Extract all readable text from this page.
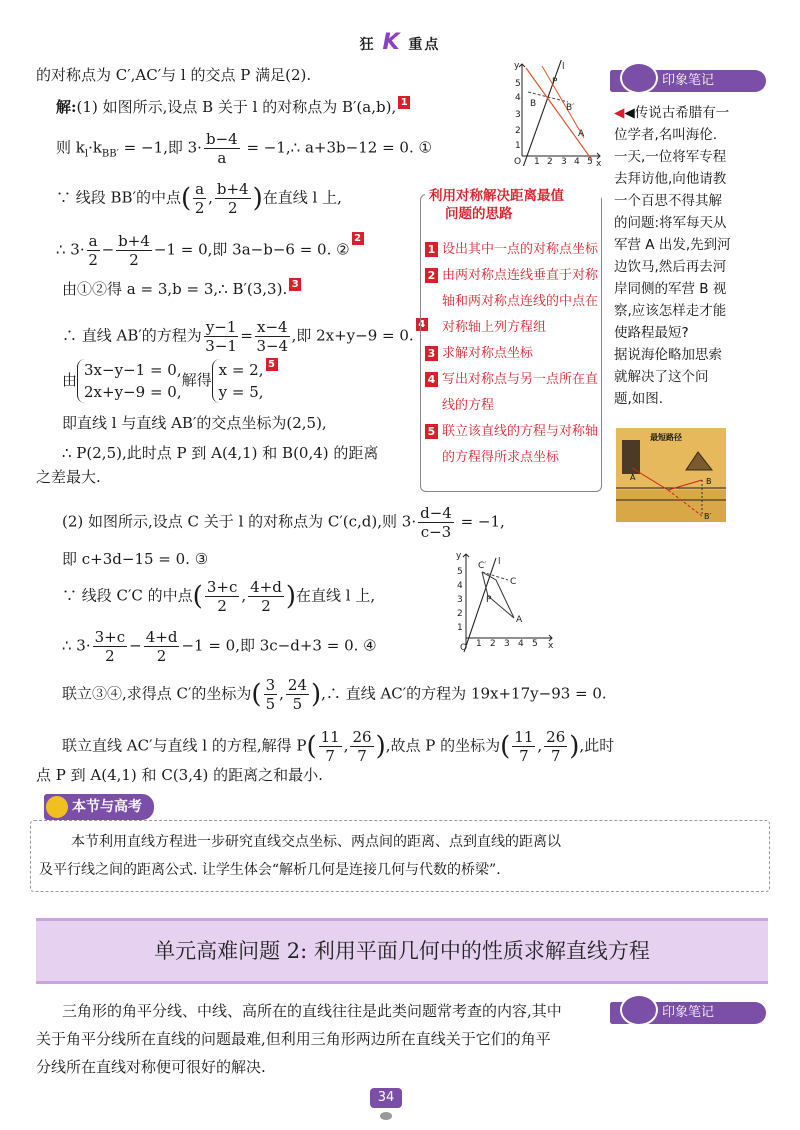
狂 K 重点
的对称点为 C′,AC′与 l 的交点 P 满足(2).
解:(1) 如图所示,设点 B 关于 l 的对称点为 B′(a,b), 1
则 $k_l\cdot k_{BB'} = -1$,即 $3\cdot \frac{b-4}{a}$ = −1,∴ a+3b−12 = 0. ①
∵ 线段 BB′的中点( $\frac{a}{2}$ , $\frac{b+4}{2}$ )在直线 l 上,
∴ $3\cdot \frac{a}{2} - \frac{b+4}{2} -1 = 0$,即 3a−b−6 = 0. ②2
由①②得 a = 3,b = 3,∴ B′(3,3). 3
∴ 直线 AB′的方程为 $\frac{y-1}{3-1} = \frac{x-4}{3-4}$ ,即 2x+y−9 = 0.4
由
3x−y−1 = 0,
2x+y−9 = 0,
解得
x = 2,
y = 5,
5
即直线 l 与直线 AB′的交点坐标为(2,5),
∴ P(2,5),此时点 P 到 A(4,1) 和 B(0,4) 的距离
之差最大.
(2) 如图所示,设点 C 关于 l 的对称点为 C′(c,d),则 $3\cdot \frac{d-4}{c-3} = -1$,
即 c+3d−15 = 0. ③
∵ 线段 C′C 的中点( $\frac{3+c}{2}$ , $\frac{4+d}{2}$ )在直线 l 上,
∴ $3\cdot \frac{3+c}{2} - \frac{4+d}{2} -1 = 0$,即 3c−d+3 = 0. ④
联立③④,求得点 C′的坐标为( $\frac{3}{5}$ , $\frac{24}{5}$ ),∴ 直线 AC′的方程为 19x+17y−93 = 0.
联立直线 AC′与直线 l 的方程,解得 $P( \frac{11}{7}$ , $\frac{26}{7}$ ),故点 P 的坐标为( $\frac{11}{7}$ , $\frac{26}{7}$ ),此时
点 P 到 A(4,1) 和 C(3,4) 的距离之和最小.
y
x
O
l
P
B	B′
A
5
4
3
2
1
1 2 3 4 5
y
x
O
l
P
C
C′
A
5
4
3
2
1
1 2 3 4 5
利用对称解决距离最值
问题的思路
1 设出其中一点的对称点坐标
2 由两对称点连线垂直于对称
轴和两对称点连线的中点在
对称轴上列方程组
3 求解对称点坐标
4 写出对称点与另一点所在直
线的方程
5 联立该直线的方程与对称轴
的方程得所求点坐标
印象笔记
◀◀传说古希腊有一
位学者,名叫海伦.
一天,一位将军专程
去拜访他,向他请教
一个百思不得其解
的问题:将军每天从
军营 A 出发,先到河
边饮马,然后再去河
岸同侧的军营 B 视
察,应该怎样走才能
使路程最短?
据说海伦略加思索
就解决了这个问
题,如图.
最短路径
A	B
B′
本节与高考
本节利用直线方程进一步研究直线交点坐标、两点间的距离、点到直线的距离以
及平行线之间的距离公式. 让学生体会“解析几何是连接几何与代数的桥梁”.
单元高难问题 2: 利用平面几何中的性质求解直线方程
三角形的角平分线、中线、高所在的直线往往是此类问题常考查的内容,其中
关于角平分线所在直线的问题最难,但利用三角形两边所在直线关于它们的角平
分线所在直线对称便可很好的解决.
印象笔记
34
